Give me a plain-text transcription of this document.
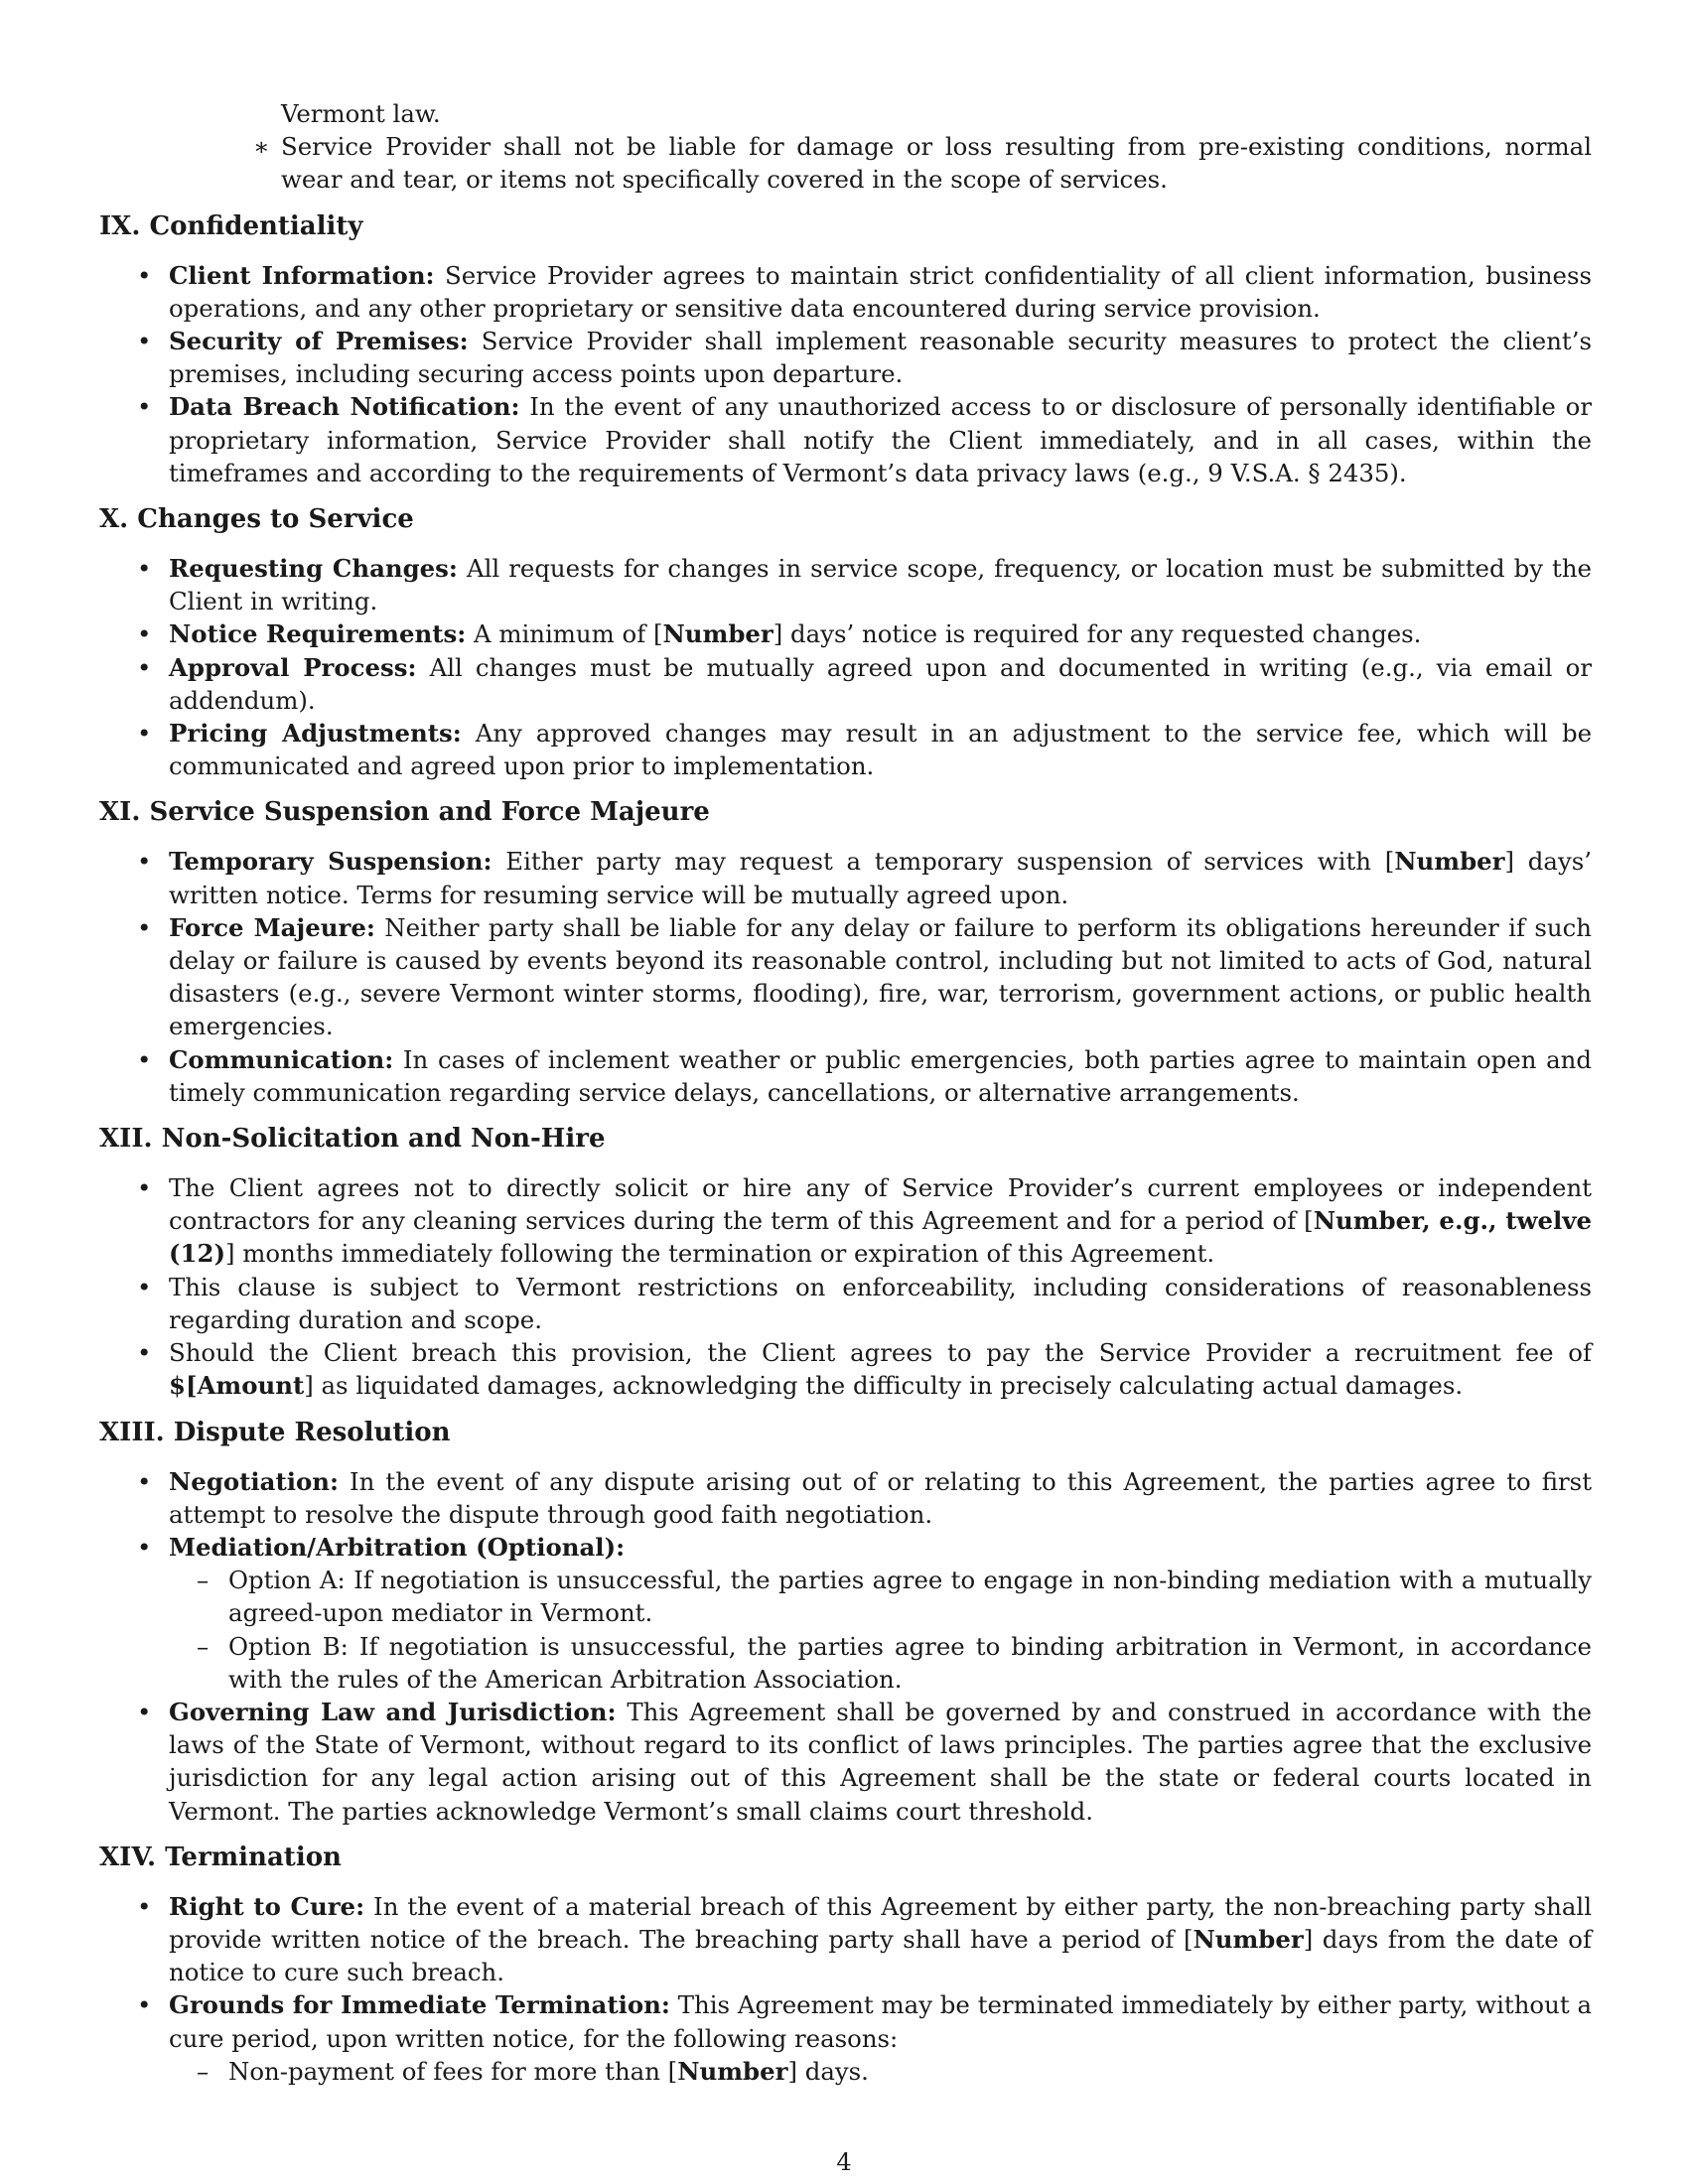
Vermont law.

∗ Service Provider shall not be liable for damage or loss resulting from pre-existing conditions, normal wear and tear, or items not specifically covered in the scope of services.
IX. Confidentiality
• Client Information: Service Provider agrees to maintain strict confidentiality of all client information, business operations, and any other proprietary or sensitive data encountered during service provision.
• Security of Premises: Service Provider shall implement reasonable security measures to protect the client’s premises, including securing access points upon departure.
• Data Breach Notification: In the event of any unauthorized access to or disclosure of personally identifiable or proprietary information, Service Provider shall notify the Client immediately, and in all cases, within the timeframes and according to the requirements of Vermont’s data privacy laws (e.g., 9 V.S.A. § 2435).
X. Changes to Service
• Requesting Changes: All requests for changes in service scope, frequency, or location must be submitted by the Client in writing.
• Notice Requirements: A minimum of [Number] days’ notice is required for any requested changes.
• Approval Process: All changes must be mutually agreed upon and documented in writing (e.g., via email or addendum).
• Pricing Adjustments: Any approved changes may result in an adjustment to the service fee, which will be communicated and agreed upon prior to implementation.
XI. Service Suspension and Force Majeure
• Temporary Suspension: Either party may request a temporary suspension of services with [Number] days’ written notice. Terms for resuming service will be mutually agreed upon.
• Force Majeure: Neither party shall be liable for any delay or failure to perform its obligations hereunder if such delay or failure is caused by events beyond its reasonable control, including but not limited to acts of God, natural disasters (e.g., severe Vermont winter storms, flooding), fire, war, terrorism, government actions, or public health emergencies.
• Communication: In cases of inclement weather or public emergencies, both parties agree to maintain open and timely communication regarding service delays, cancellations, or alternative arrangements.
XII. Non-Solicitation and Non-Hire
• The Client agrees not to directly solicit or hire any of Service Provider’s current employees or independent contractors for any cleaning services during the term of this Agreement and for a period of [Number, e.g., twelve (12)] months immediately following the termination or expiration of this Agreement.
• This clause is subject to Vermont restrictions on enforceability, including considerations of reasonableness regarding duration and scope.
• Should the Client breach this provision, the Client agrees to pay the Service Provider a recruitment fee of $[Amount] as liquidated damages, acknowledging the difficulty in precisely calculating actual damages.
XIII. Dispute Resolution
• Negotiation: In the event of any dispute arising out of or relating to this Agreement, the parties agree to first attempt to resolve the dispute through good faith negotiation.
• Mediation/Arbitration (Optional):
– Option A: If negotiation is unsuccessful, the parties agree to engage in non-binding mediation with a mutually agreed-upon mediator in Vermont.
– Option B: If negotiation is unsuccessful, the parties agree to binding arbitration in Vermont, in accordance with the rules of the American Arbitration Association.
• Governing Law and Jurisdiction: This Agreement shall be governed by and construed in accordance with the laws of the State of Vermont, without regard to its conflict of laws principles. The parties agree that the exclusive jurisdiction for any legal action arising out of this Agreement shall be the state or federal courts located in Vermont. The parties acknowledge Vermont’s small claims court threshold.
XIV. Termination
• Right to Cure: In the event of a material breach of this Agreement by either party, the non-breaching party shall provide written notice of the breach. The breaching party shall have a period of [Number] days from the date of notice to cure such breach.
• Grounds for Immediate Termination: This Agreement may be terminated immediately by either party, without a cure period, upon written notice, for the following reasons:
– Non-payment of fees for more than [Number] days.
4
